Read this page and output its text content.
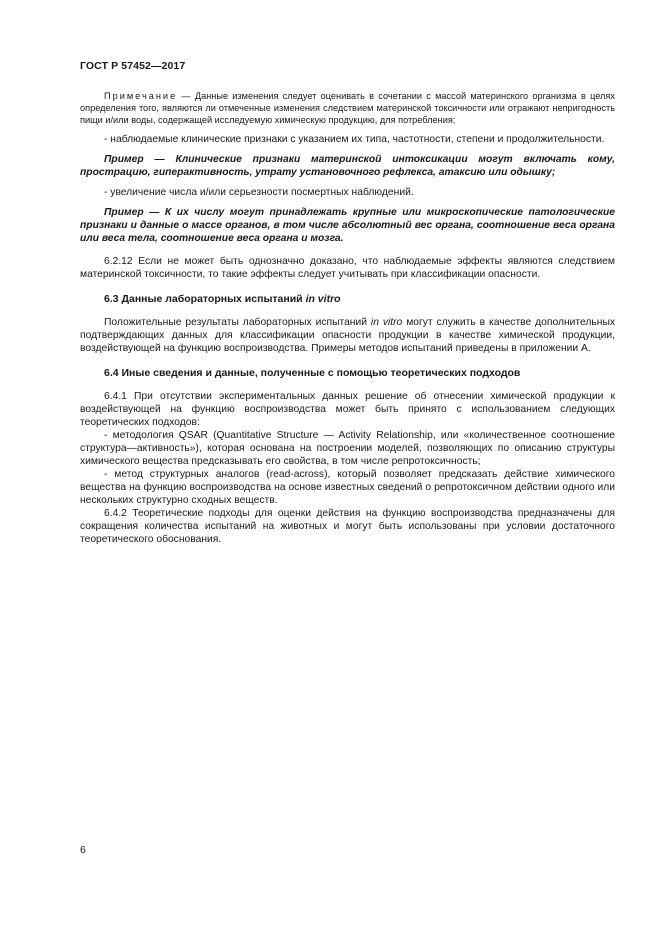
ГОСТ Р 57452—2017

Примечание — Данные изменения следует оценивать в сочетании с массой материнского организма в целях определения того, являются ли отмеченные изменения следствием материнской токсичности или отражают непригодность пищи и/или воды, содержащей исследуемую химическую продукцию, для потребления;

- наблюдаемые клинические признаки с указанием их типа, частотности, степени и продолжительности.

Пример — Клинические признаки материнской интоксикации могут включать кому, прострацию, гиперактивность, утрату установочного рефлекса, атаксию или одышку;

- увеличение числа и/или серьезности посмертных наблюдений.

Пример — К их числу могут принадлежать крупные или микроскопические патологические признаки и данные о массе органов, в том числе абсолютный вес органа, соотношение веса органа или веса тела, соотношение веса органа и мозга.

6.2.12 Если не может быть однозначно доказано, что наблюдаемые эффекты являются следствием материнской токсичности, то такие эффекты следует учитывать при классификации опасности.

6.3 Данные лабораторных испытаний in vitro

Положительные результаты лабораторных испытаний in vitro могут служить в качестве дополнительных подтверждающих данных для классификации опасности продукции в качестве химической продукции, воздействующей на функцию воспроизводства. Примеры методов испытаний приведены в приложении А.

6.4 Иные сведения и данные, полученные с помощью теоретических подходов

6.4.1 При отсутствии экспериментальных данных решение об отнесении химической продукции к воздействующей на функцию воспроизводства может быть принято с использованием следующих теоретических подходов:

- методология QSAR (Quantitative Structure — Activity Relationship, или «количественное соотношение структура—активность»), которая основана на построении моделей, позволяющих по описанию структуры химического вещества предсказывать его свойства, в том числе репротоксичность;

- метод структурных аналогов (read-across), который позволяет предсказать действие химического вещества на функцию воспроизводства на основе известных сведений о репротоксичном действии одного или нескольких структурно сходных веществ.

6.4.2 Теоретические подходы для оценки действия на функцию воспроизводства предназначены для сокращения количества испытаний на животных и могут быть использованы при условии достаточного теоретического обоснования.

6
